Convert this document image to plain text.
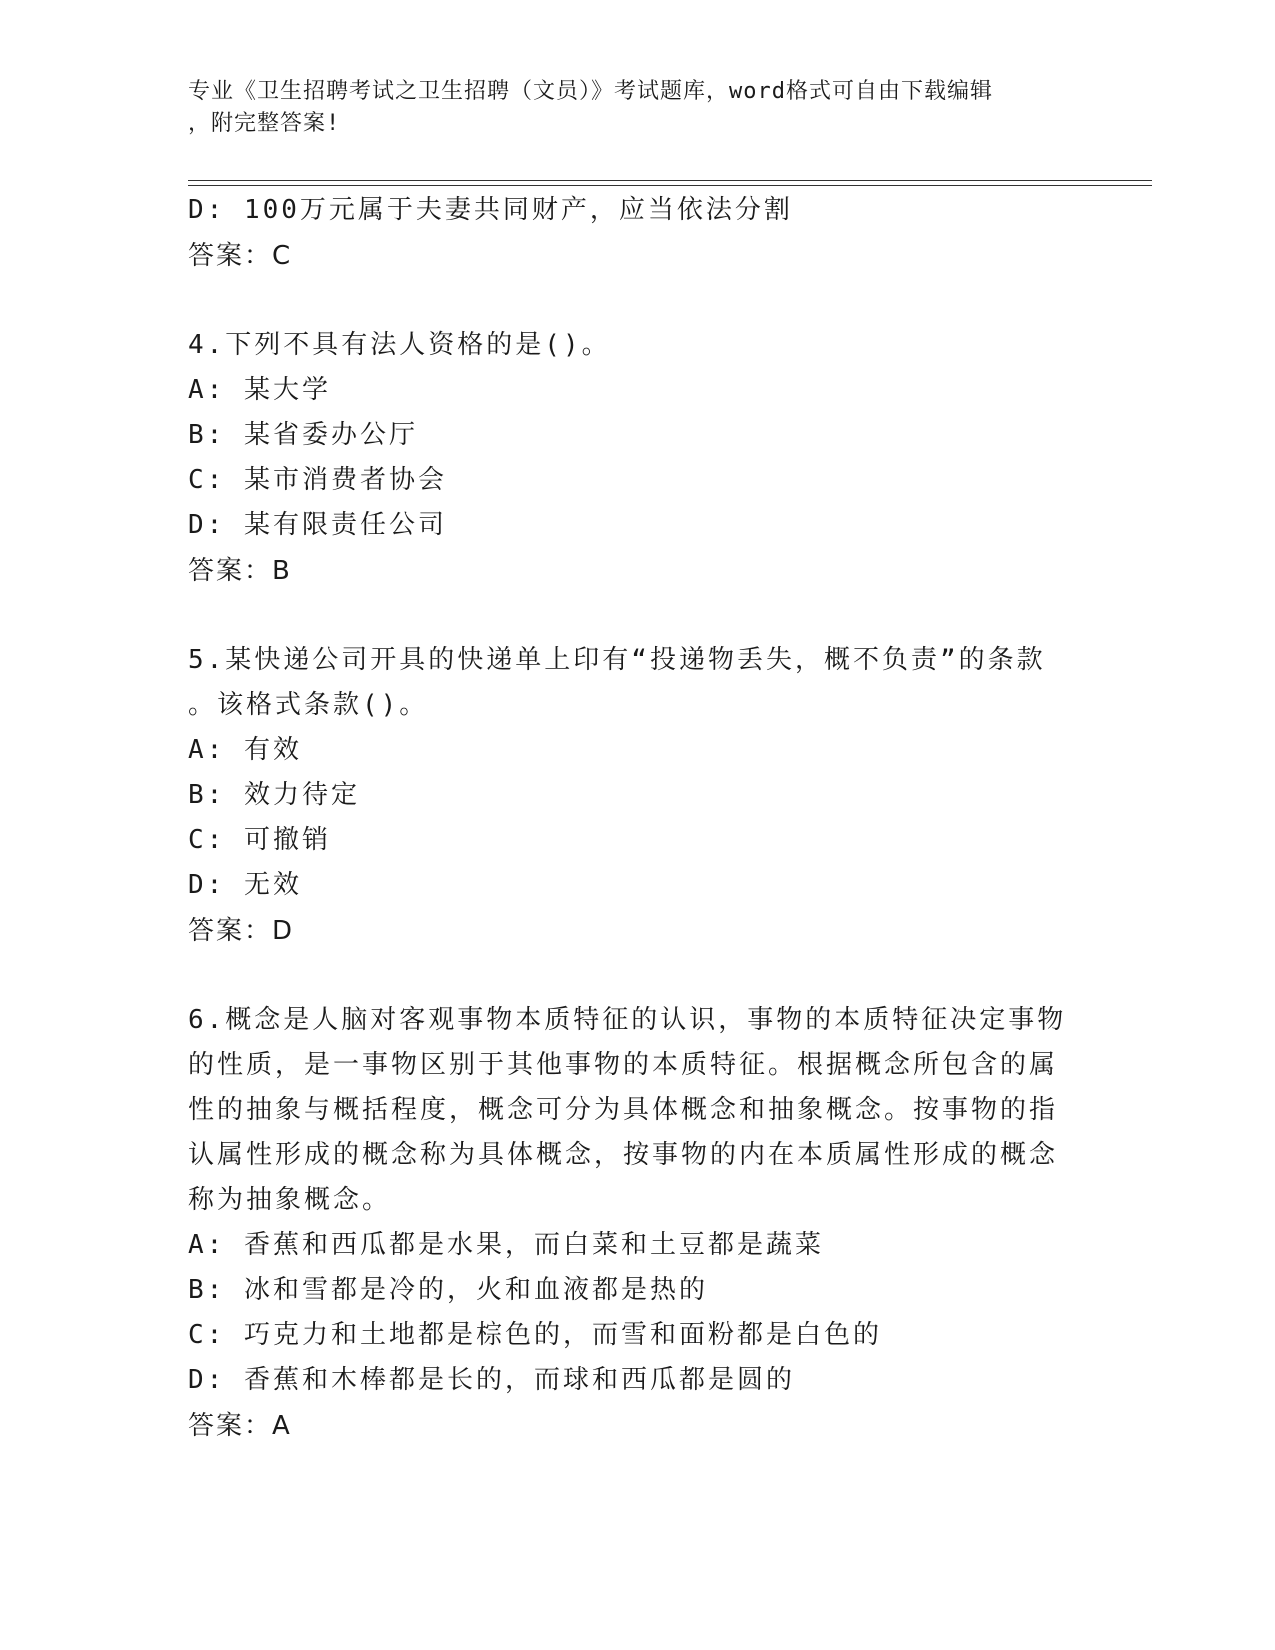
专业《卫生招聘考试之卫生招聘（文员）》考试题库，word格式可自由下载编辑
，附完整答案!
D: 100万元属于夫妻共同财产，应当依法分割
答案：C
4.下列不具有法人资格的是()。
A: 某大学
B: 某省委办公厅
C: 某市消费者协会
D: 某有限责任公司
答案：B
5.某快递公司开具的快递单上印有“投递物丢失，概不负责”的条款
。该格式条款()。
A: 有效
B: 效力待定
C: 可撤销
D: 无效
答案：D
6.概念是人脑对客观事物本质特征的认识，事物的本质特征决定事物
的性质，是一事物区别于其他事物的本质特征。根据概念所包含的属
性的抽象与概括程度，概念可分为具体概念和抽象概念。按事物的指
认属性形成的概念称为具体概念，按事物的内在本质属性形成的概念
称为抽象概念。
A: 香蕉和西瓜都是水果，而白菜和土豆都是蔬菜
B: 冰和雪都是冷的，火和血液都是热的
C: 巧克力和土地都是棕色的，而雪和面粉都是白色的
D: 香蕉和木棒都是长的，而球和西瓜都是圆的
答案：A
